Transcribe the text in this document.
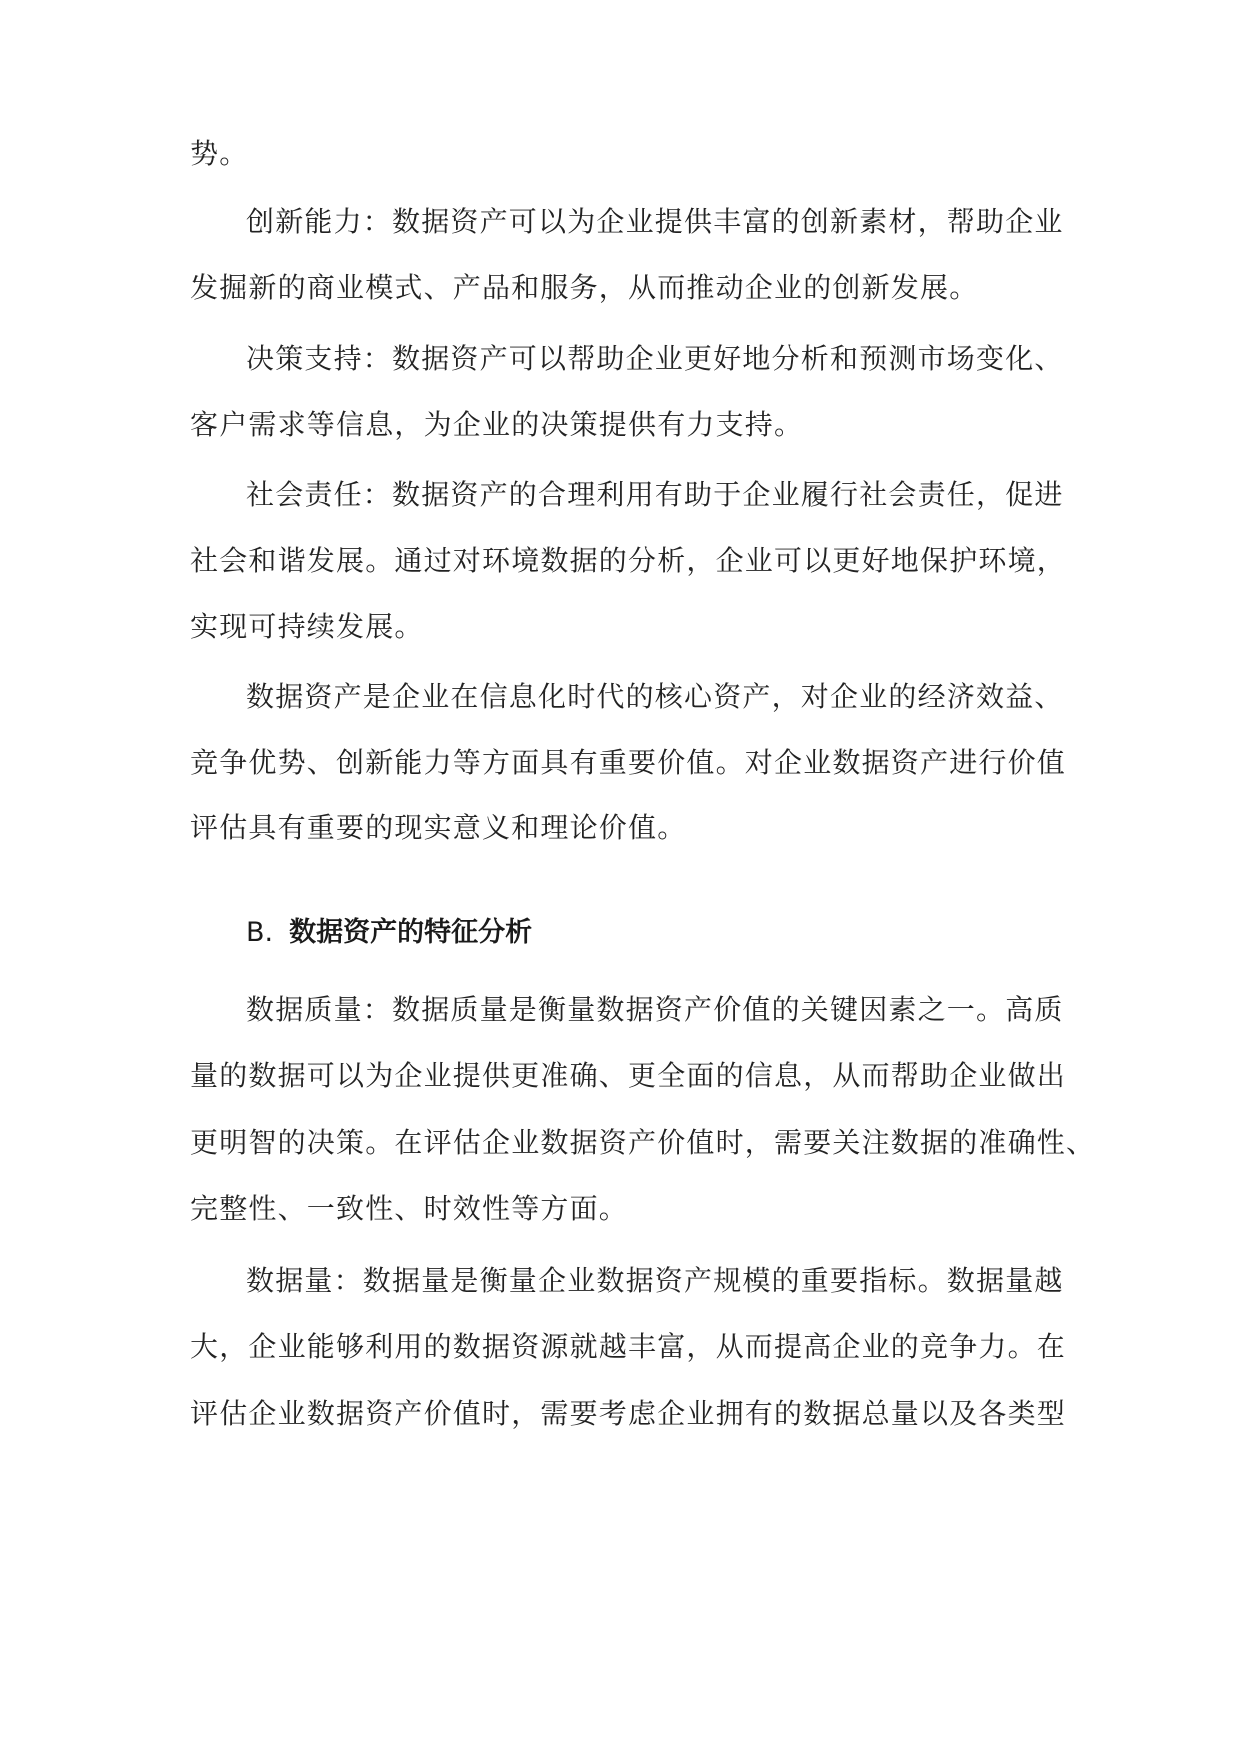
势。
创新能力：数据资产可以为企业提供丰富的创新素材，帮助企业
发掘新的商业模式、产品和服务，从而推动企业的创新发展。
决策支持：数据资产可以帮助企业更好地分析和预测市场变化、
客户需求等信息，为企业的决策提供有力支持。
社会责任：数据资产的合理利用有助于企业履行社会责任，促进
社会和谐发展。通过对环境数据的分析，企业可以更好地保护环境，
实现可持续发展。
数据资产是企业在信息化时代的核心资产，对企业的经济效益、
竞争优势、创新能力等方面具有重要价值。对企业数据资产进行价值
评估具有重要的现实意义和理论价值。
B. 数据资产的特征分析
数据质量：数据质量是衡量数据资产价值的关键因素之一。高质
量的数据可以为企业提供更准确、更全面的信息，从而帮助企业做出
更明智的决策。在评估企业数据资产价值时，需要关注数据的准确性、
完整性、一致性、时效性等方面。
数据量：数据量是衡量企业数据资产规模的重要指标。数据量越
大，企业能够利用的数据资源就越丰富，从而提高企业的竞争力。在
评估企业数据资产价值时，需要考虑企业拥有的数据总量以及各类型
